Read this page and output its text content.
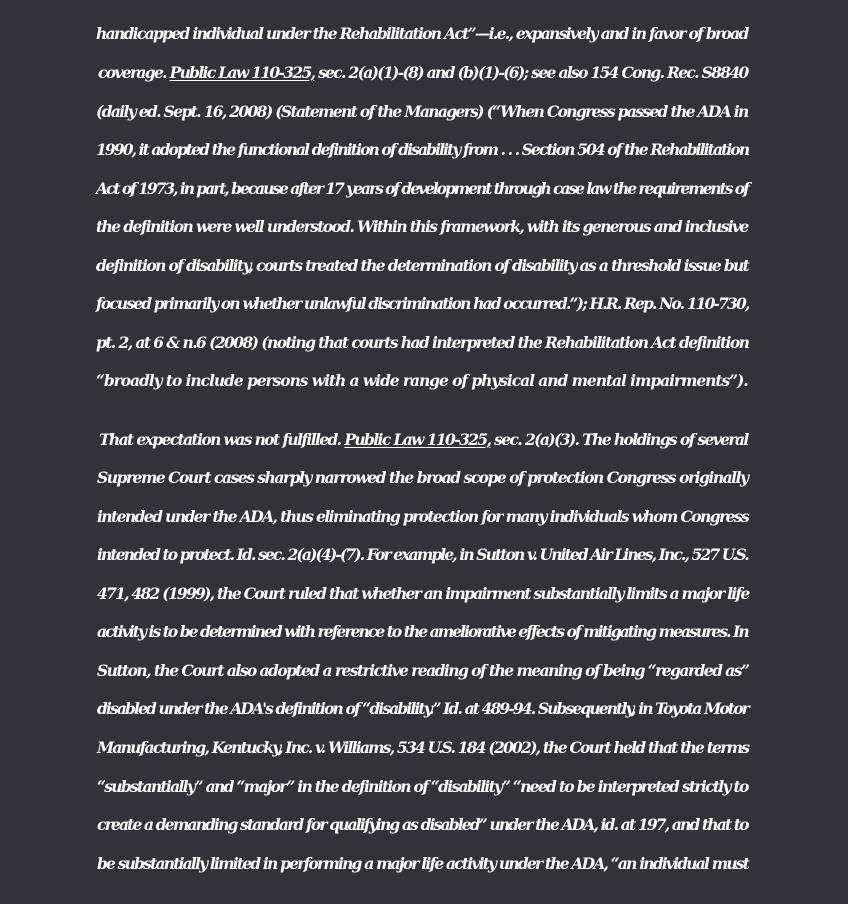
handicapped individual under the Rehabilitation Act”—i.e., expansively and in favor of broad

coverage. Public Law 110-325, sec. 2(a)(1)-(8) and (b)(1)-(6); see also 154 Cong. Rec. S8840

(daily ed. Sept. 16, 2008) (Statement of the Managers) (“When Congress passed the ADA in

1990, it adopted the functional definition of disability from . . . Section 504 of the Rehabilitation

Act of 1973, in part, because after 17 years of development through case law the requirements of

the definition were well understood. Within this framework, with its generous and inclusive

definition of disability, courts treated the determination of disability as a threshold issue but

focused primarily on whether unlawful discrimination had occurred.”); H.R. Rep. No. 110-730,

pt. 2, at 6 & n.6 (2008) (noting that courts had interpreted the Rehabilitation Act definition

“broadly to include persons with a wide range of physical and mental impairments”).

That expectation was not fulfilled. Public Law 110-325, sec. 2(a)(3). The holdings of several

Supreme Court cases sharply narrowed the broad scope of protection Congress originally

intended under the ADA, thus eliminating protection for many individuals whom Congress

intended to protect. Id. sec. 2(a)(4)-(7). For example, in Sutton v. United Air Lines, Inc., 527 U.S.

471, 482 (1999), the Court ruled that whether an impairment substantially limits a major life

activity is to be determined with reference to the ameliorative effects of mitigating measures. In

Sutton, the Court also adopted a restrictive reading of the meaning of being “regarded as”

disabled under the ADA's definition of “disability.” Id. at 489-94. Subsequently, in Toyota Motor

Manufacturing, Kentucky, Inc. v. Williams, 534 U.S. 184 (2002), the Court held that the terms

“substantially” and “major” in the definition of “disability” “need to be interpreted strictly to

create a demanding standard for qualifying as disabled” under the ADA, id. at 197, and that to

be substantially limited in performing a major life activity under the ADA, “an individual must
